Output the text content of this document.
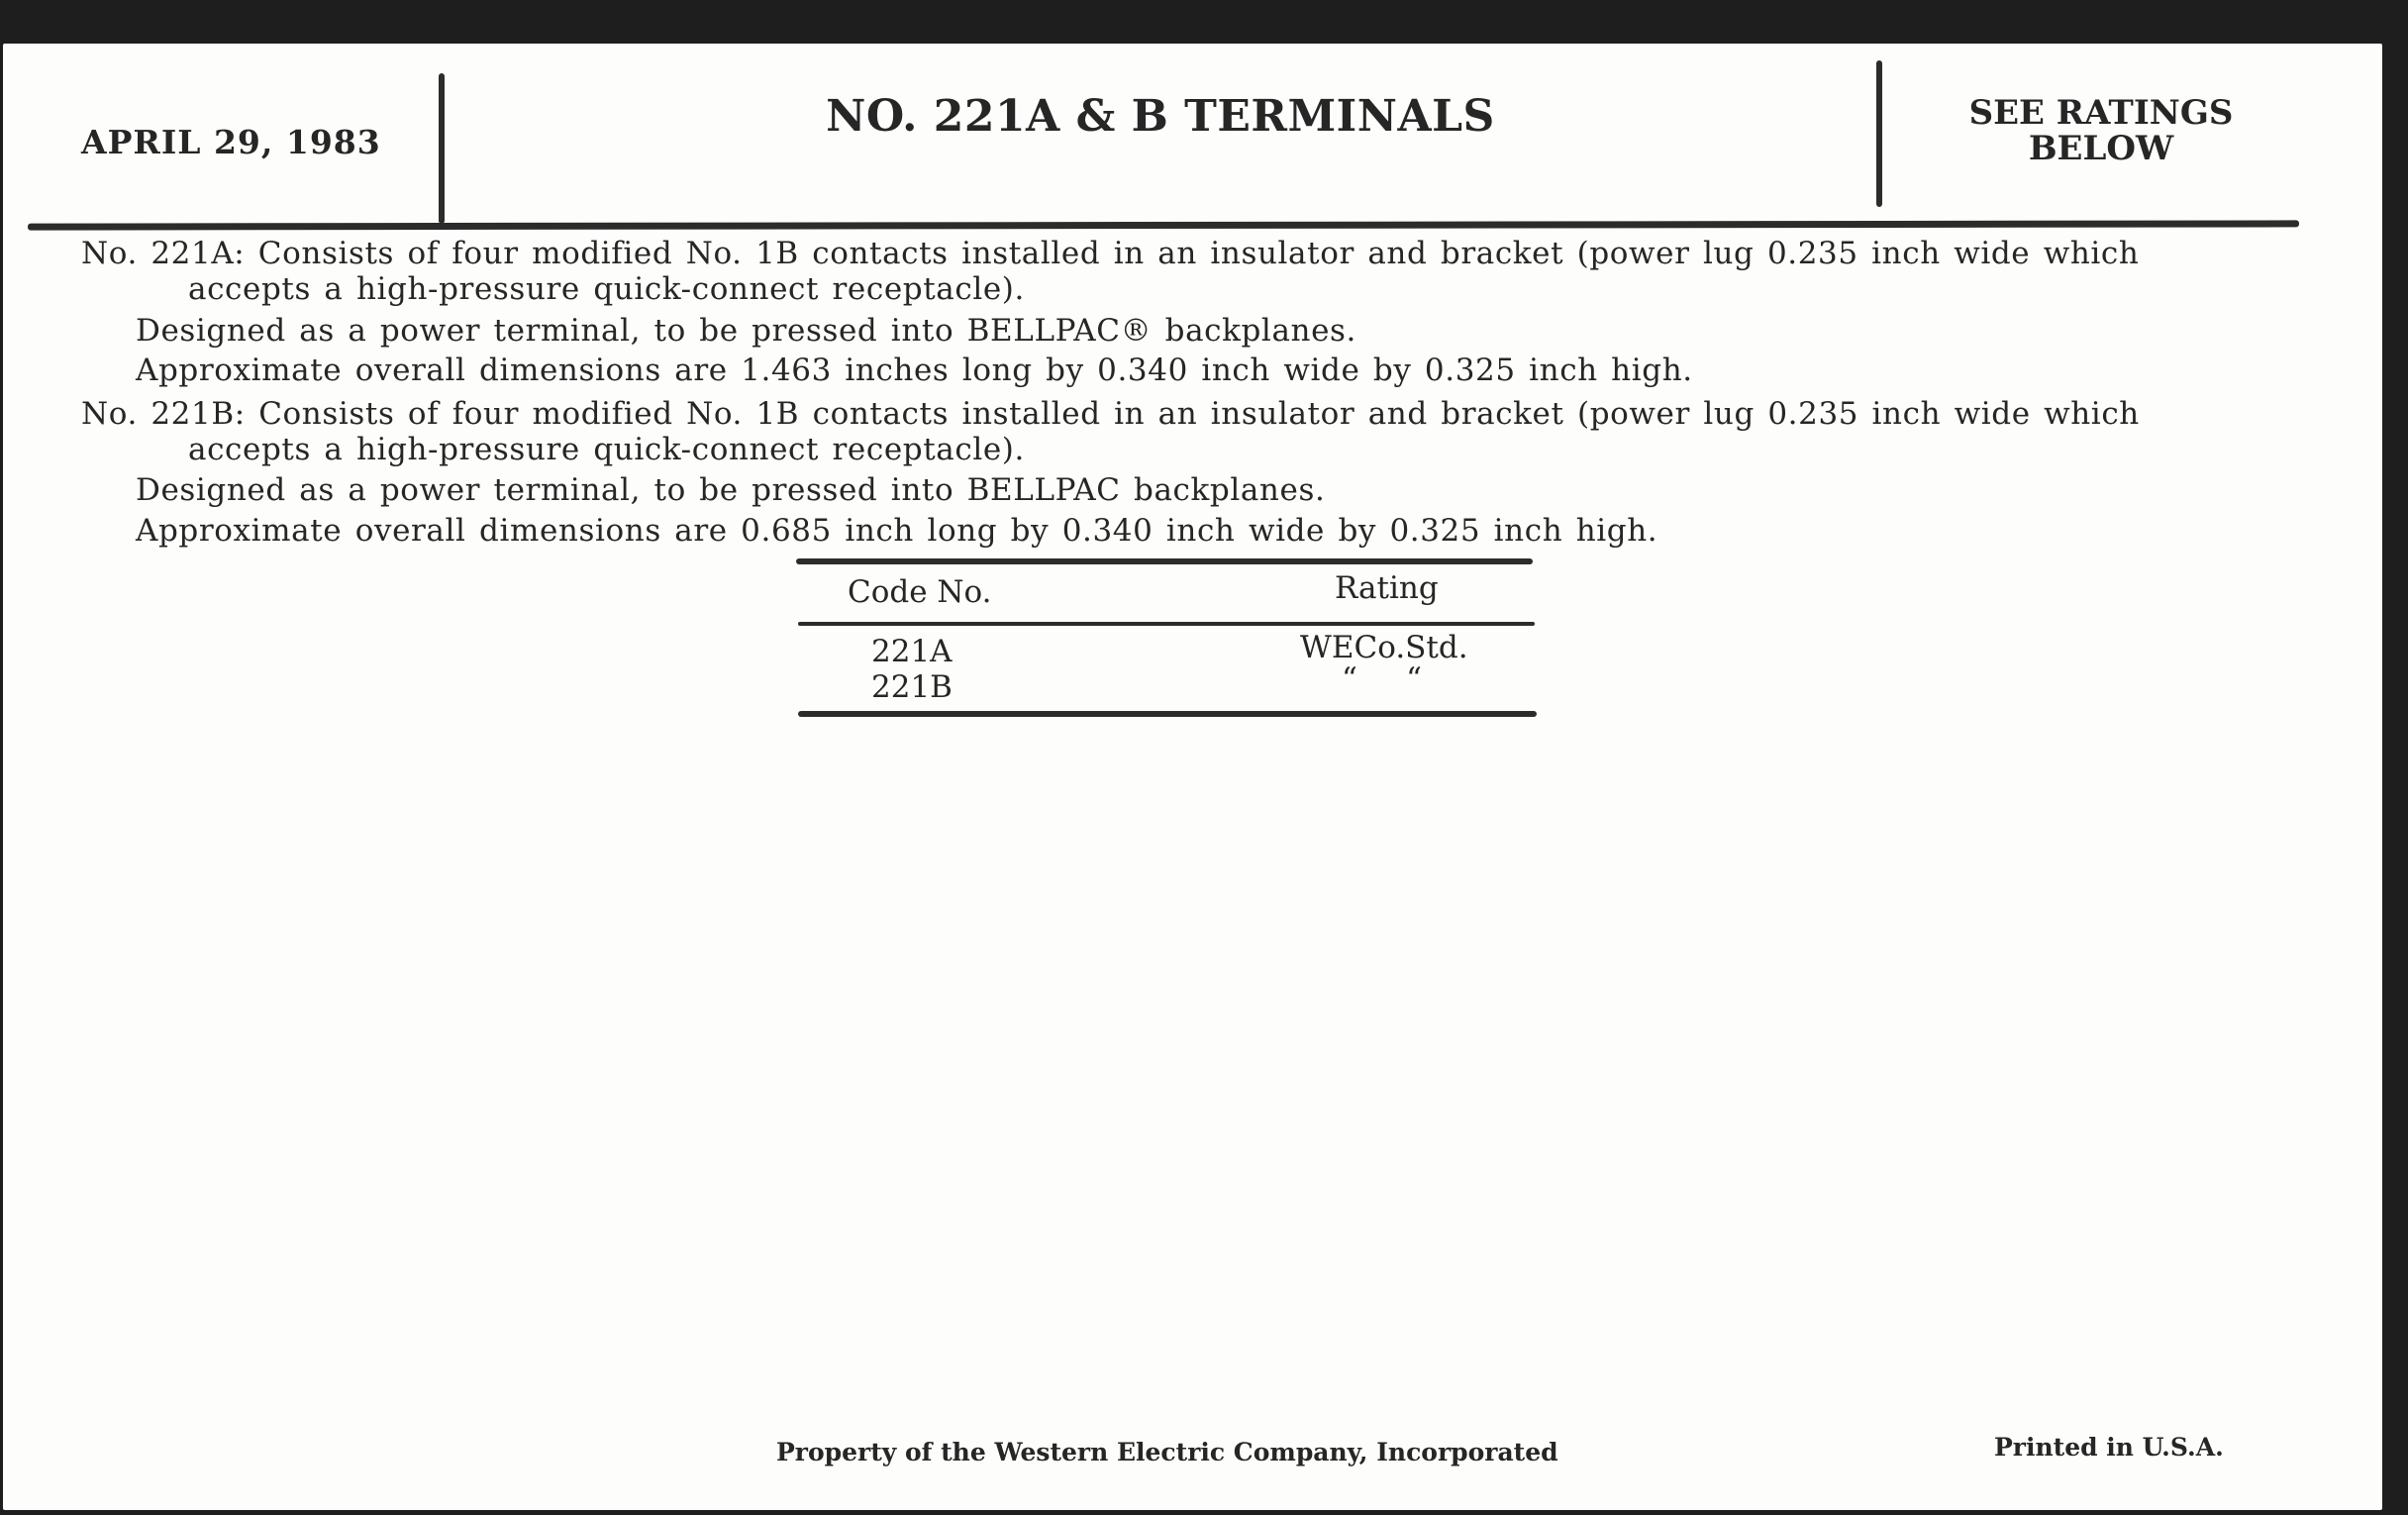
APRIL 29, 1983
NO. 221A & B TERMINALS	SEE RATINGS
BELOW
No. 221A: Consists of four modified No. 1B contacts installed in an insulator and bracket (power lug 0.235 inch wide which
accepts a high-pressure quick-connect receptacle).
Designed as a power terminal, to be pressed into BELLPAC® backplanes.
Approximate overall dimensions are 1.463 inches long by 0.340 inch wide by 0.325 inch high.
No. 221B: Consists of four modified No. 1B contacts installed in an insulator and bracket (power lug 0.235 inch wide which
accepts a high-pressure quick-connect receptacle).
Designed as a power terminal, to be pressed into BELLPAC backplanes.
Approximate overall dimensions are 0.685 inch long by 0.340 inch wide by 0.325 inch high.
Code No.	Rating
221A	WECo.Std.
221B	“     “
Property of the Western Electric Company, Incorporated	Printed in U.S.A.
